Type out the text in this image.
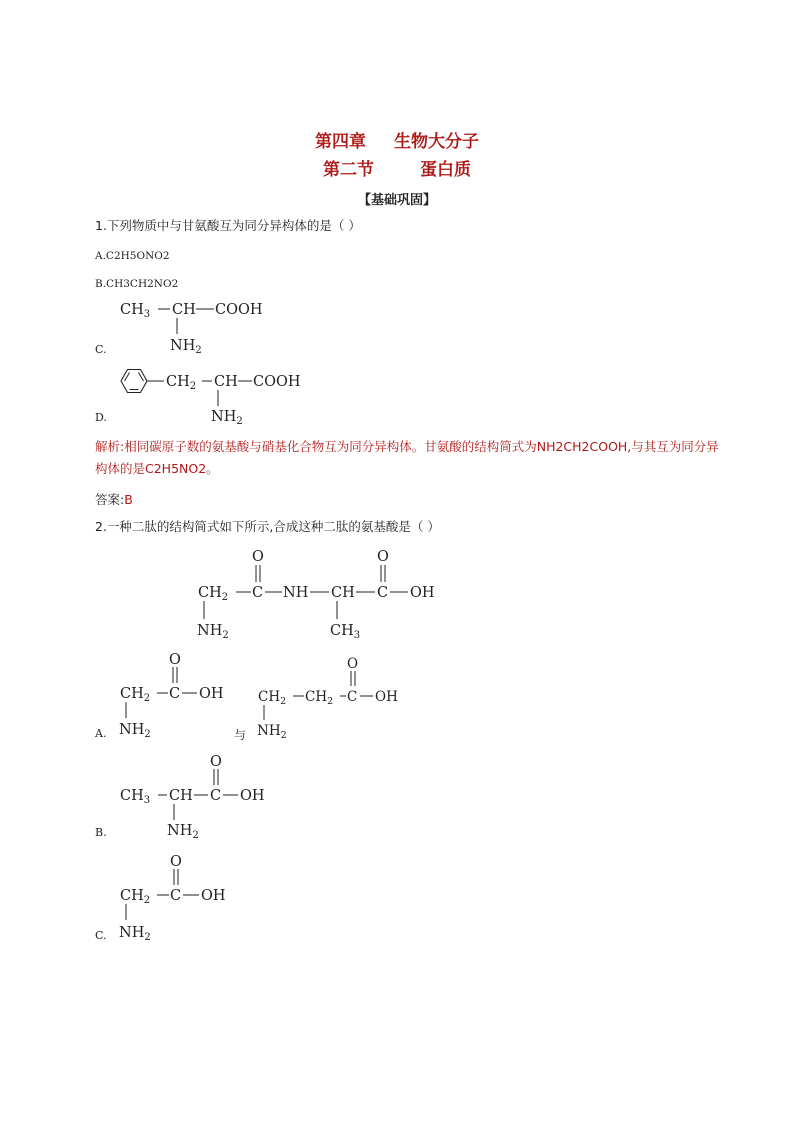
第四章 生物大分子
第二节	蛋白质
【基础巩固】
1.下列物质中与甘氨酸互为同分异构体的是（ ）
A.C2H5ONO2
B.CH3CH2NO2
C.
D.
解析:相同碳原子数的氨基酸与硝基化合物互为同分异构体。甘氨酸的结构简式为NH2CH2COOH,与其互为同分异构体的是C2H5NO2。
答案:B
2.一种二肽的结构简式如下所示,合成这种二肽的氨基酸是（ ）
A.	与
B.
C.
$CH_3$ CH COOH
$NH_2$
$CH_2$ CH COOH
$NH_2$
$CH_2$ C
O
NH CH C
O
OH
$NH_2$	$CH_3$
$CH_2$ C
O
OH
$NH_2$
$CH_2$ $CH_2$ C
O
OH
$NH_2$
$CH_3$ CH C
O
OH
$NH_2$
$CH_2$ C
O
OH
$NH_2$
